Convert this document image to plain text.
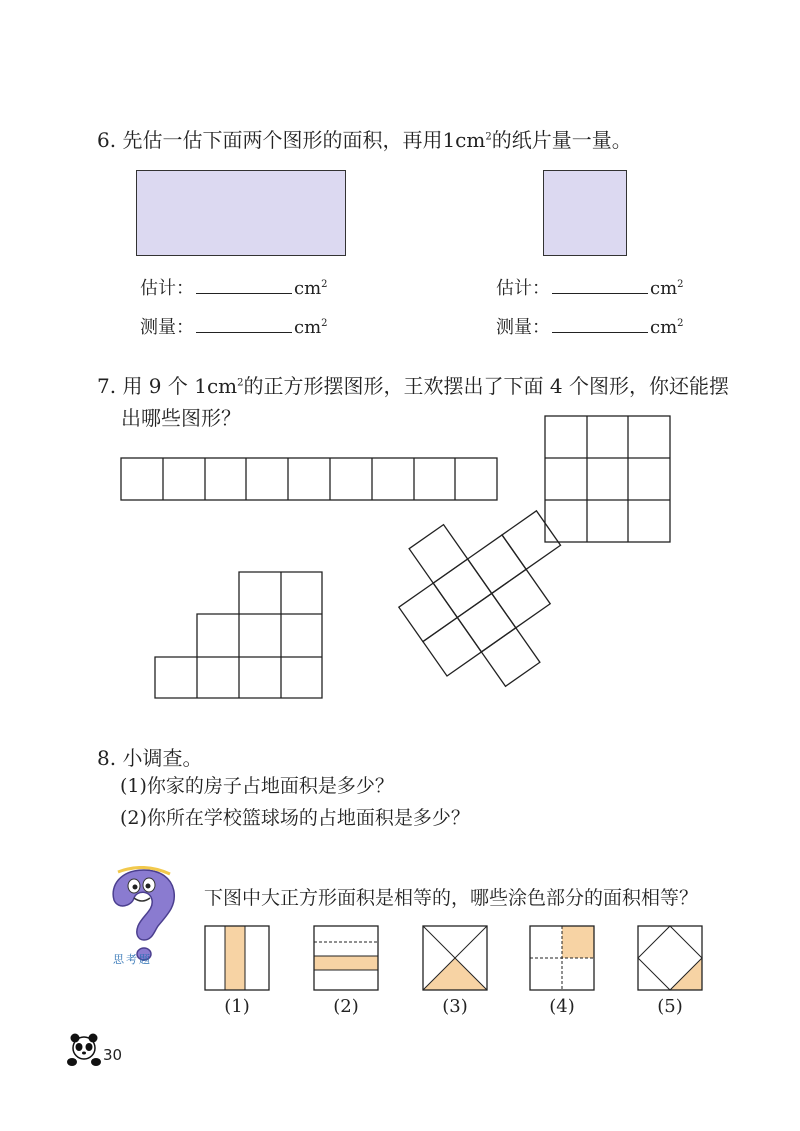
6. 先估一估下面两个图形的面积，再用$1cm^2$的纸片量一量。
估计：	$cm^2$
测量：	$cm^2$
估计：	$cm^2$
测量：	$cm^2$
7. 用 9 个 $1cm^2$的正方形摆图形，王欢摆出了下面 4 个图形，你还能摆
出哪些图形？
8. 小调查。
(1)你家的房子占地面积是多少？
(2)你所在学校篮球场的占地面积是多少？
思考题
下图中大正方形面积是相等的，哪些涂色部分的面积相等？
(1)	(2)	(3)	(4)	(5)
30
